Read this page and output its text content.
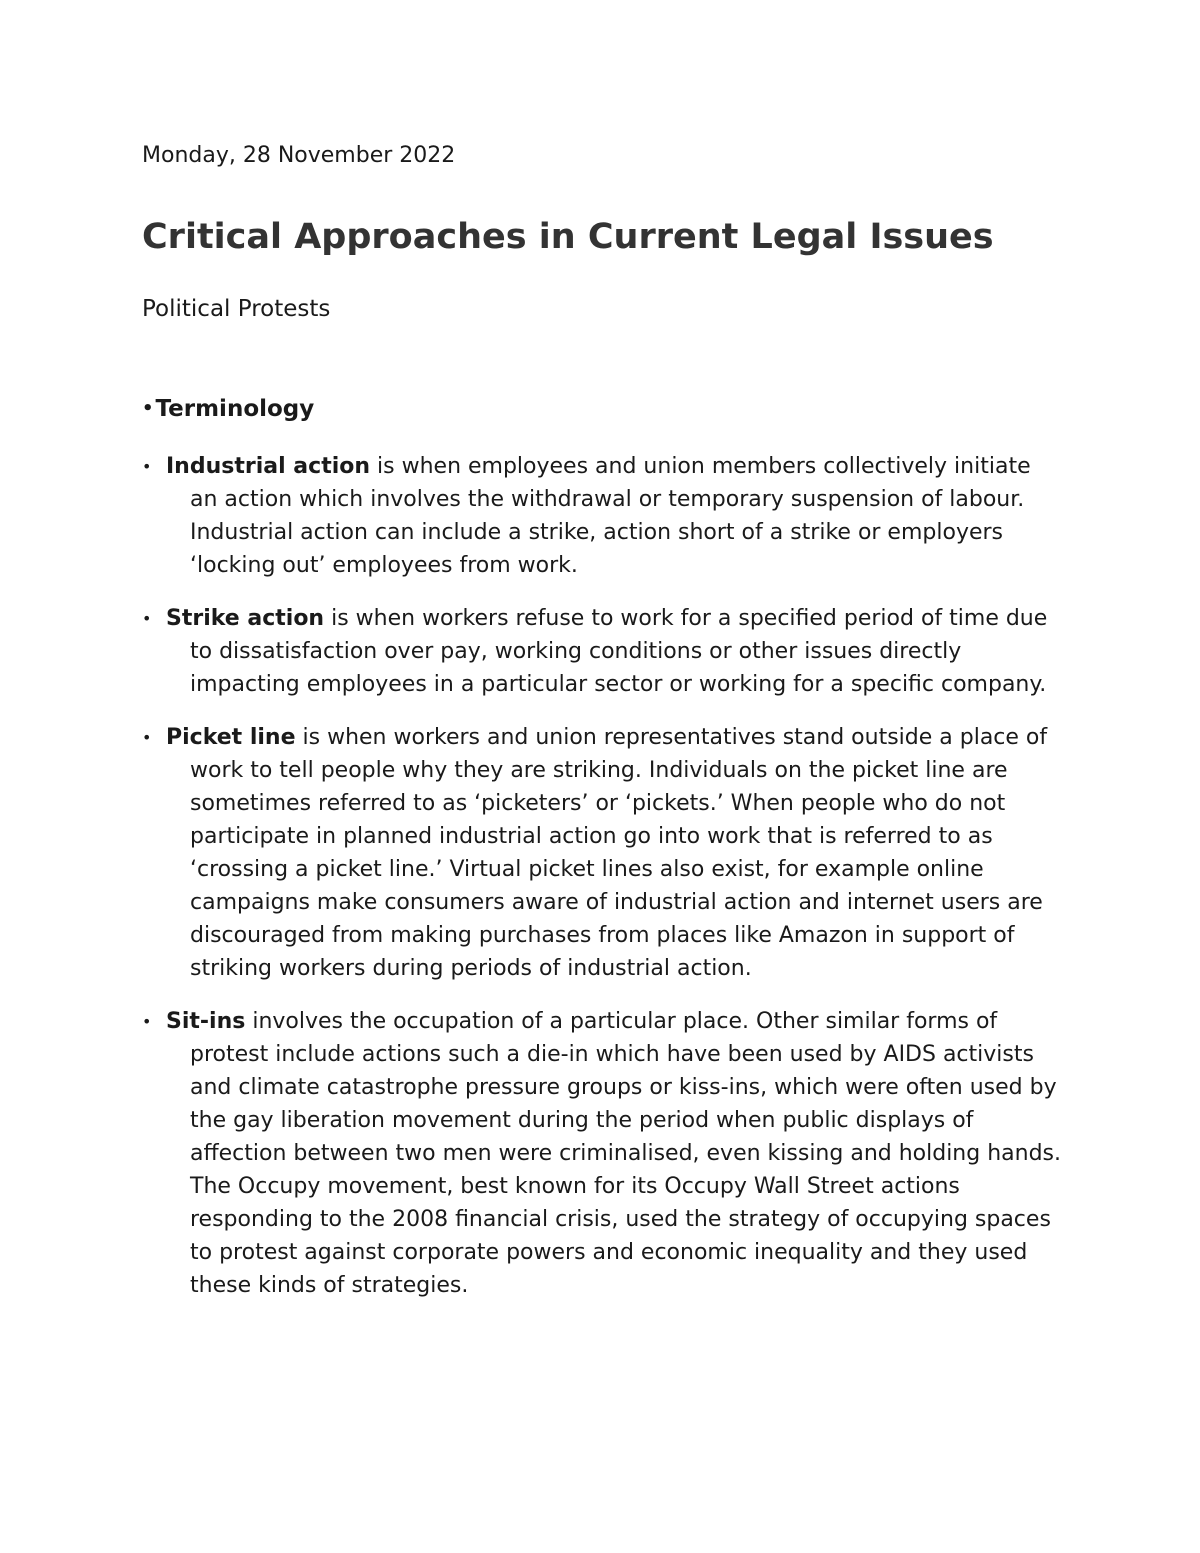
Monday, 28 November 2022
Critical Approaches in Current Legal Issues
Political Protests
•Terminology
• Industrial action is when employees and union members collectively initiate an action which involves the withdrawal or temporary suspension of labour. Industrial action can include a strike, action short of a strike or employers ‘locking out’ employees from work.
• Strike action is when workers refuse to work for a specified period of time due to dissatisfaction over pay, working conditions or other issues directly impacting employees in a particular sector or working for a specific company.
• Picket line is when workers and union representatives stand outside a place of work to tell people why they are striking. Individuals on the picket line are sometimes referred to as ‘picketers’ or ‘pickets.’ When people who do not participate in planned industrial action go into work that is referred to as ‘crossing a picket line.’ Virtual picket lines also exist, for example online campaigns make consumers aware of industrial action and internet users are discouraged from making purchases from places like Amazon in support of striking workers during periods of industrial action.
• Sit-ins involves the occupation of a particular place. Other similar forms of protest include actions such a die-in which have been used by AIDS activists and climate catastrophe pressure groups or kiss-ins, which were often used by the gay liberation movement during the period when public displays of affection between two men were criminalised, even kissing and holding hands. The Occupy movement, best known for its Occupy Wall Street actions responding to the 2008 financial crisis, used the strategy of occupying spaces to protest against corporate powers and economic inequality and they used these kinds of strategies.
